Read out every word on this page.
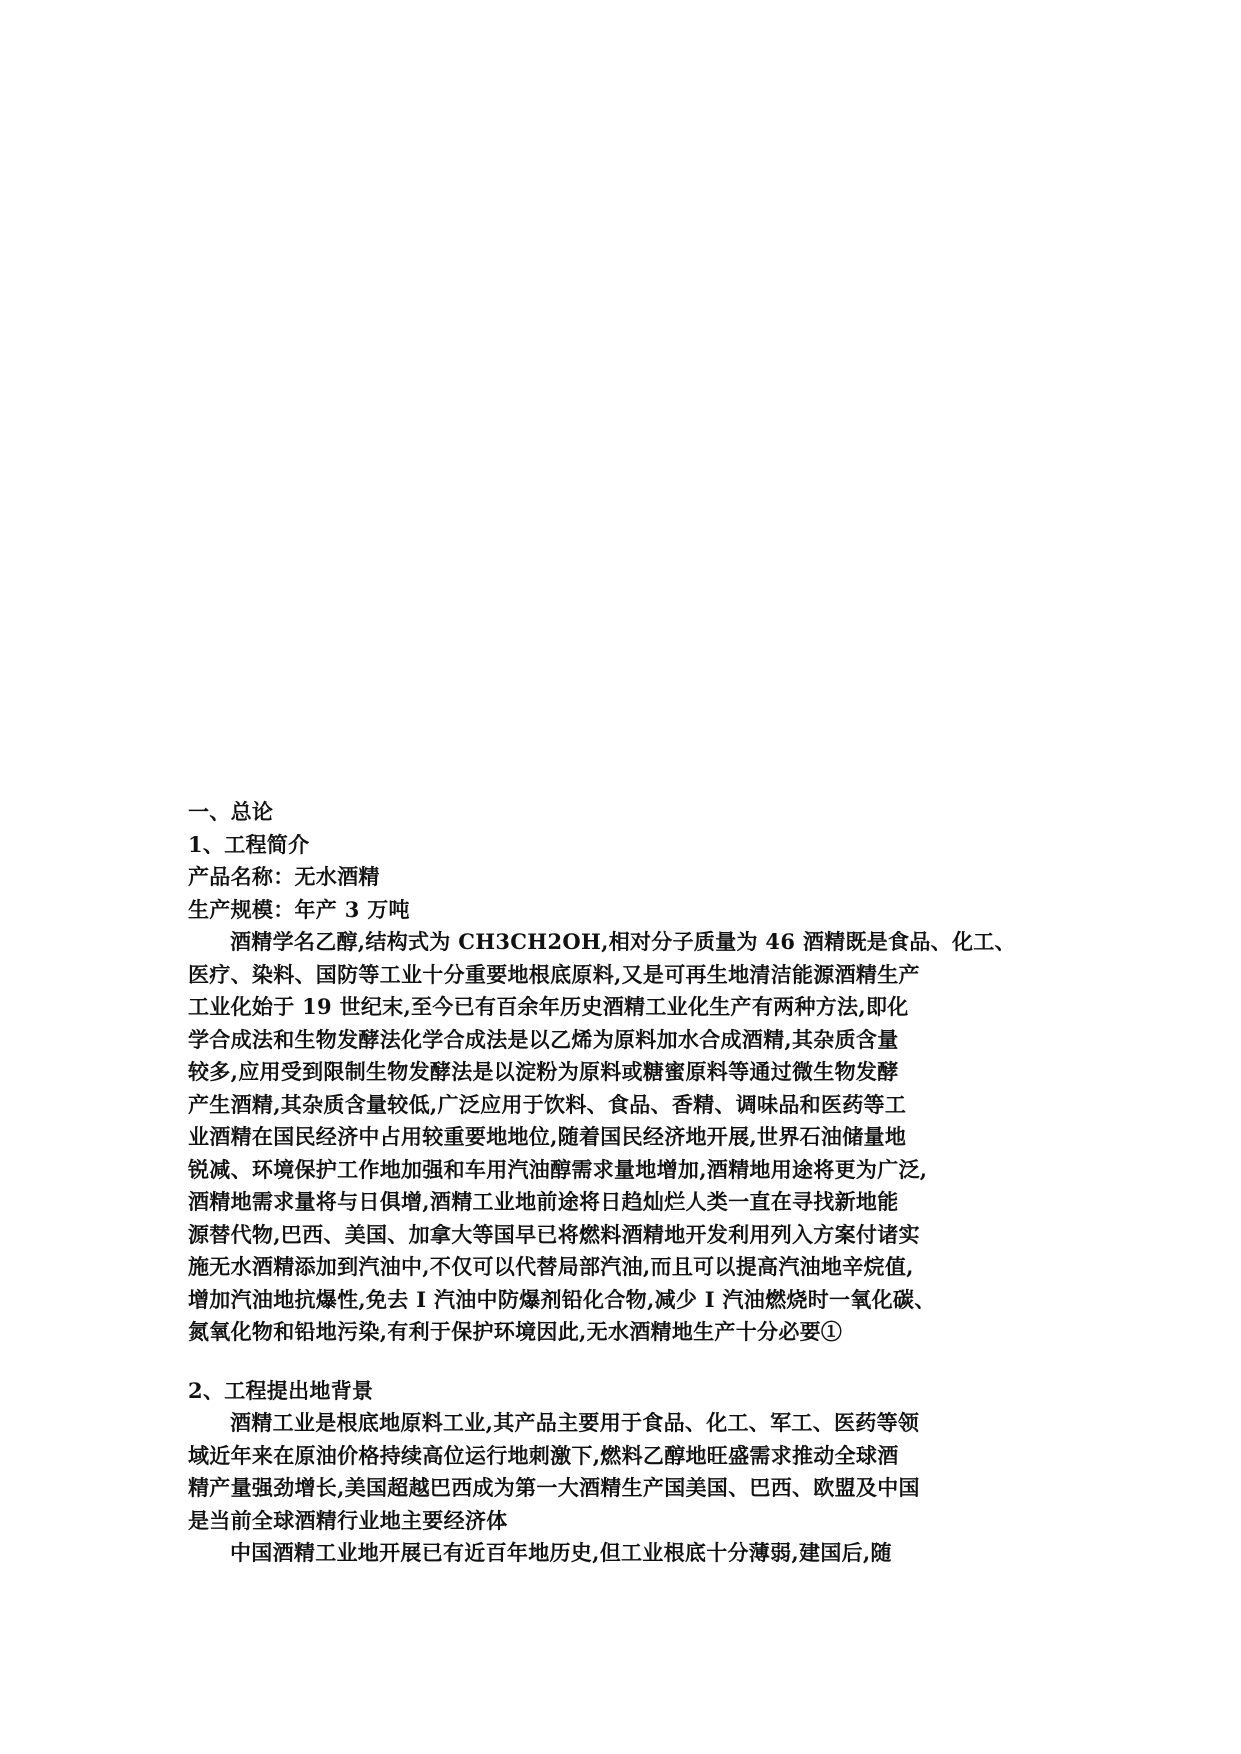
一、总论
1、工程简介
产品名称：无水酒精
生产规模：年产 3 万吨
酒精学名乙醇,结构式为 CH3CH2OH,相对分子质量为 46 酒精既是食品、化工、
医疗、染料、国防等工业十分重要地根底原料,又是可再生地清洁能源酒精生产
工业化始于 19 世纪末,至今已有百余年历史酒精工业化生产有两种方法,即化
学合成法和生物发酵法化学合成法是以乙烯为原料加水合成酒精,其杂质含量
较多,应用受到限制生物发酵法是以淀粉为原料或糖蜜原料等通过微生物发酵
产生酒精,其杂质含量较低,广泛应用于饮料、食品、香精、调味品和医药等工
业酒精在国民经济中占用较重要地地位,随着国民经济地开展,世界石油储量地
锐减、环境保护工作地加强和车用汽油醇需求量地增加,酒精地用途将更为广泛,
酒精地需求量将与日俱增,酒精工业地前途将日趋灿烂人类一直在寻找新地能
源替代物,巴西、美国、加拿大等国早已将燃料酒精地开发利用列入方案付诸实
施无水酒精添加到汽油中,不仅可以代替局部汽油,而且可以提高汽油地辛烷值,
增加汽油地抗爆性,免去 I 汽油中防爆剂铅化合物,减少 I 汽油燃烧时一氧化碳、
氮氧化物和铅地污染,有利于保护环境因此,无水酒精地生产十分必要①
2、工程提出地背景
酒精工业是根底地原料工业,其产品主要用于食品、化工、军工、医药等领
域近年来在原油价格持续高位运行地刺激下,燃料乙醇地旺盛需求推动全球酒
精产量强劲增长,美国超越巴西成为第一大酒精生产国美国、巴西、欧盟及中国
是当前全球酒精行业地主要经济体
中国酒精工业地开展已有近百年地历史,但工业根底十分薄弱,建国后,随
